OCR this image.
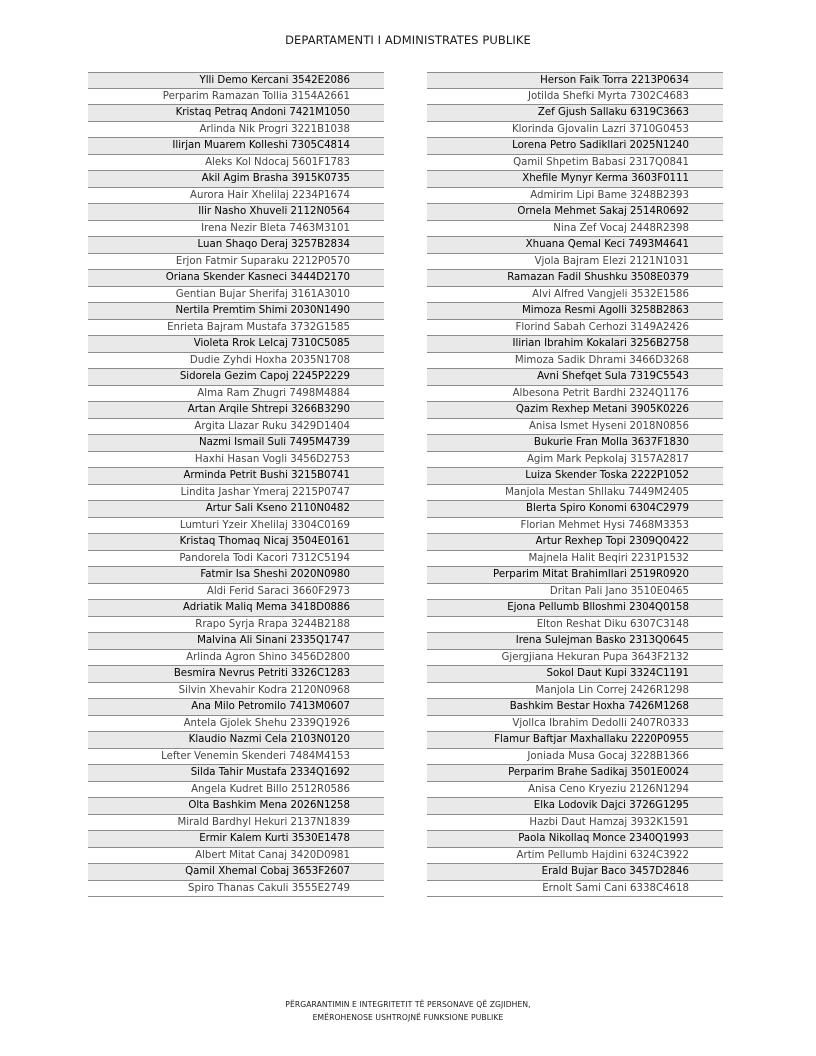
DEPARTAMENTI I ADMINISTRATES PUBLIKE
Ylli Demo Kercani 3542E2086
Perparim Ramazan Tollia 3154A2661
Kristaq Petraq Andoni 7421M1050
Arlinda Nik Progri 3221B1038
Ilirjan Muarem Kolleshi 7305C4814
Aleks Kol Ndocaj 5601F1783
Akil Agim Brasha 3915K0735
Aurora Hair Xhelilaj 2234P1674
Ilir Nasho Xhuveli 2112N0564
Irena Nezir Bleta 7463M3101
Luan Shaqo Deraj 3257B2834
Erjon Fatmir Suparaku 2212P0570
Oriana Skender Kasneci 3444D2170
Gentian Bujar Sherifaj 3161A3010
Nertila Premtim Shimi 2030N1490
Enrieta Bajram Mustafa 3732G1585
Violeta Rrok Lelcaj 7310C5085
Dudie Zyhdi Hoxha 2035N1708
Sidorela Gezim Capoj 2245P2229
Alma Ram Zhugri 7498M4884
Artan Arqile Shtrepi 3266B3290
Argita Llazar Ruku 3429D1404
Nazmi Ismail Suli 7495M4739
Haxhi Hasan Vogli 3456D2753
Arminda Petrit Bushi 3215B0741
Lindita Jashar Ymeraj 2215P0747
Artur Sali Kseno 2110N0482
Lumturi Yzeir Xhelilaj 3304C0169
Kristaq Thomaq Nicaj 3504E0161
Pandorela Todi Kacori 7312C5194
Fatmir Isa Sheshi 2020N0980
Aldi Ferid Saraci 3660F2973
Adriatik Maliq Mema 3418D0886
Rrapo Syrja Rrapa 3244B2188
Malvina Ali Sinani 2335Q1747
Arlinda Agron Shino 3456D2800
Besmira Nevrus Petriti 3326C1283
Silvin Xhevahir Kodra 2120N0968
Ana Milo Petromilo 7413M0607
Antela Gjolek Shehu 2339Q1926
Klaudio Nazmi Cela 2103N0120
Lefter Venemin Skenderi 7484M4153
Silda Tahir Mustafa 2334Q1692
Angela Kudret Billo 2512R0586
Olta Bashkim Mena 2026N1258
Mirald Bardhyl Hekuri 2137N1839
Ermir Kalem Kurti 3530E1478
Albert Mitat Canaj 3420D0981
Qamil Xhemal Cobaj 3653F2607
Spiro Thanas Cakuli 3555E2749
Herson Faik Torra 2213P0634
Jotilda Shefki Myrta 7302C4683
Zef Gjush Sallaku 6319C3663
Klorinda Gjovalin Lazri 3710G0453
Lorena Petro Sadikllari 2025N1240
Qamil Shpetim Babasi 2317Q0841
Xhefile Mynyr Kerma 3603F0111
Admirim Lipi Bame 3248B2393
Ornela Mehmet Sakaj 2514R0692
Nina Zef Vocaj 2448R2398
Xhuana Qemal Keci 7493M4641
Vjola Bajram Elezi 2121N1031
Ramazan Fadil Shushku 3508E0379
Alvi Alfred Vangjeli 3532E1586
Mimoza Resmi Agolli 3258B2863
Florind Sabah Cerhozi 3149A2426
Ilirian Ibrahim Kokalari 3256B2758
Mimoza Sadik Dhrami 3466D3268
Avni Shefqet Sula 7319C5543
Albesona Petrit Bardhi 2324Q1176
Qazim Rexhep Metani 3905K0226
Anisa Ismet Hyseni 2018N0856
Bukurie Fran Molla 3637F1830
Agim Mark Pepkolaj 3157A2817
Luiza Skender Toska 2222P1052
Manjola Mestan Shllaku 7449M2405
Blerta Spiro Konomi 6304C2979
Florian Mehmet Hysi 7468M3353
Artur Rexhep Topi 2309Q0422
Majnela Halit Beqiri 2231P1532
Perparim Mitat Brahimllari 2519R0920
Dritan Pali Jano 3510E0465
Ejona Pellumb Blloshmi 2304Q0158
Elton Reshat Diku 6307C3148
Irena Sulejman Basko 2313Q0645
Gjergjiana Hekuran Pupa 3643F2132
Sokol Daut Kupi 3324C1191
Manjola Lin Correj 2426R1298
Bashkim Bestar Hoxha 7426M1268
Vjollca Ibrahim Dedolli 2407R0333
Flamur Baftjar Maxhallaku 2220P0955
Joniada Musa Gocaj 3228B1366
Perparim Brahe Sadikaj 3501E0024
Anisa Ceno Kryeziu 2126N1294
Elka Lodovik Dajci 3726G1295
Hazbi Daut Hamzaj 3932K1591
Paola Nikollaq Monce 2340Q1993
Artim Pellumb Hajdini 6324C3922
Erald Bujar Baco 3457D2846
Ernolt Sami Cani 6338C4618
PËRGARANTIMIN E INTEGRITETIT TË PERSONAVE QË ZGJIDHEN,
EMËROHENOSE USHTROJNË FUNKSIONE PUBLIKE
